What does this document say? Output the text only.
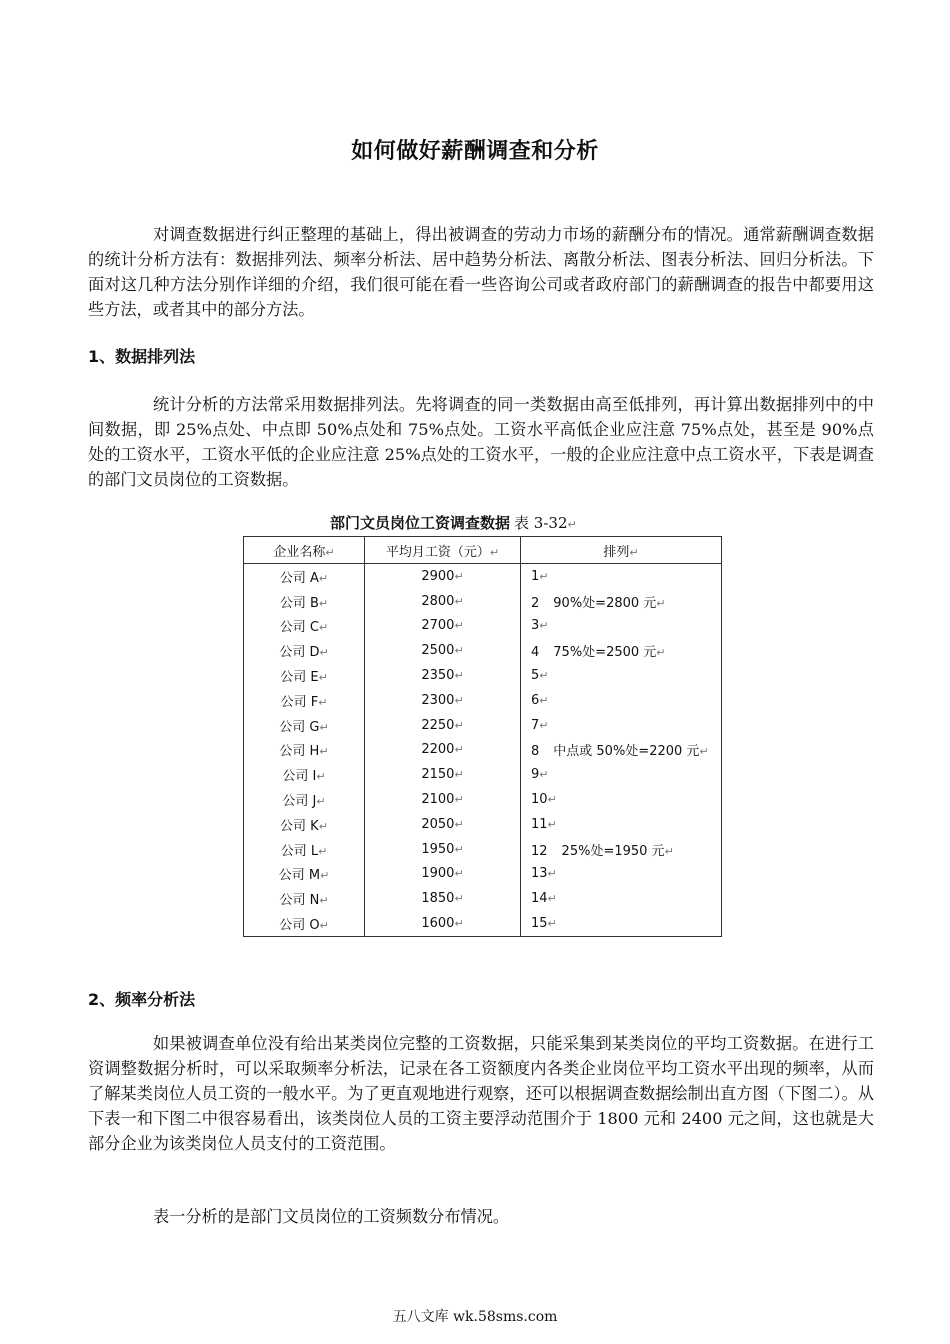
如何做好薪酬调查和分析

对调查数据进行纠正整理的基础上，得出被调查的劳动力市场的薪酬分布的情况。通常薪酬调查数据的统计分析方法有：数据排列法、频率分析法、居中趋势分析法、离散分析法、图表分析法、回归分析法。下面对这几种方法分别作详细的介绍，我们很可能在看一些咨询公司或者政府部门的薪酬调查的报告中都要用这些方法，或者其中的部分方法。

1、数据排列法

统计分析的方法常采用数据排列法。先将调查的同一类数据由高至低排列，再计算出数据排列中的中间数据，即 25%点处、中点即 50%点处和 75%点处。工资水平高低企业应注意 75%点处，甚至是 90%点处的工资水平，工资水平低的企业应注意 25%点处的工资水平，一般的企业应注意中点工资水平，下表是调查的部门文员岗位的工资数据。

部门文员岗位工资调查数据 表 3-32↵
企业名称↵	平均月工资（元）↵	排列↵
公司 A↵	2900↵	1↵
公司 B↵	2800↵	2 90%处=2800 元↵
公司 C↵	2700↵	3↵
公司 D↵	2500↵	4 75%处=2500 元↵
公司 E↵	2350↵	5↵
公司 F↵	2300↵	6↵
公司 G↵	2250↵	7↵
公司 H↵	2200↵	8 中点或 50%处=2200 元↵
公司 I↵	2150↵	9↵
公司 J↵	2100↵	10↵
公司 K↵	2050↵	11↵
公司 L↵	1950↵	12 25%处=1950 元↵
公司 M↵	1900↵	13↵
公司 N↵	1850↵	14↵
公司 O↵	1600↵	15↵
2、频率分析法

如果被调查单位没有给出某类岗位完整的工资数据，只能采集到某类岗位的平均工资数据。在进行工资调整数据分析时，可以采取频率分析法，记录在各工资额度内各类企业岗位平均工资水平出现的频率，从而了解某类岗位人员工资的一般水平。为了更直观地进行观察，还可以根据调查数据绘制出直方图（下图二）。从下表一和下图二中很容易看出，该类岗位人员的工资主要浮动范围介于 1800 元和 2400 元之间，这也就是大部分企业为该类岗位人员支付的工资范围。

表一分析的是部门文员岗位的工资频数分布情况。

五八文库 wk.58sms.com
